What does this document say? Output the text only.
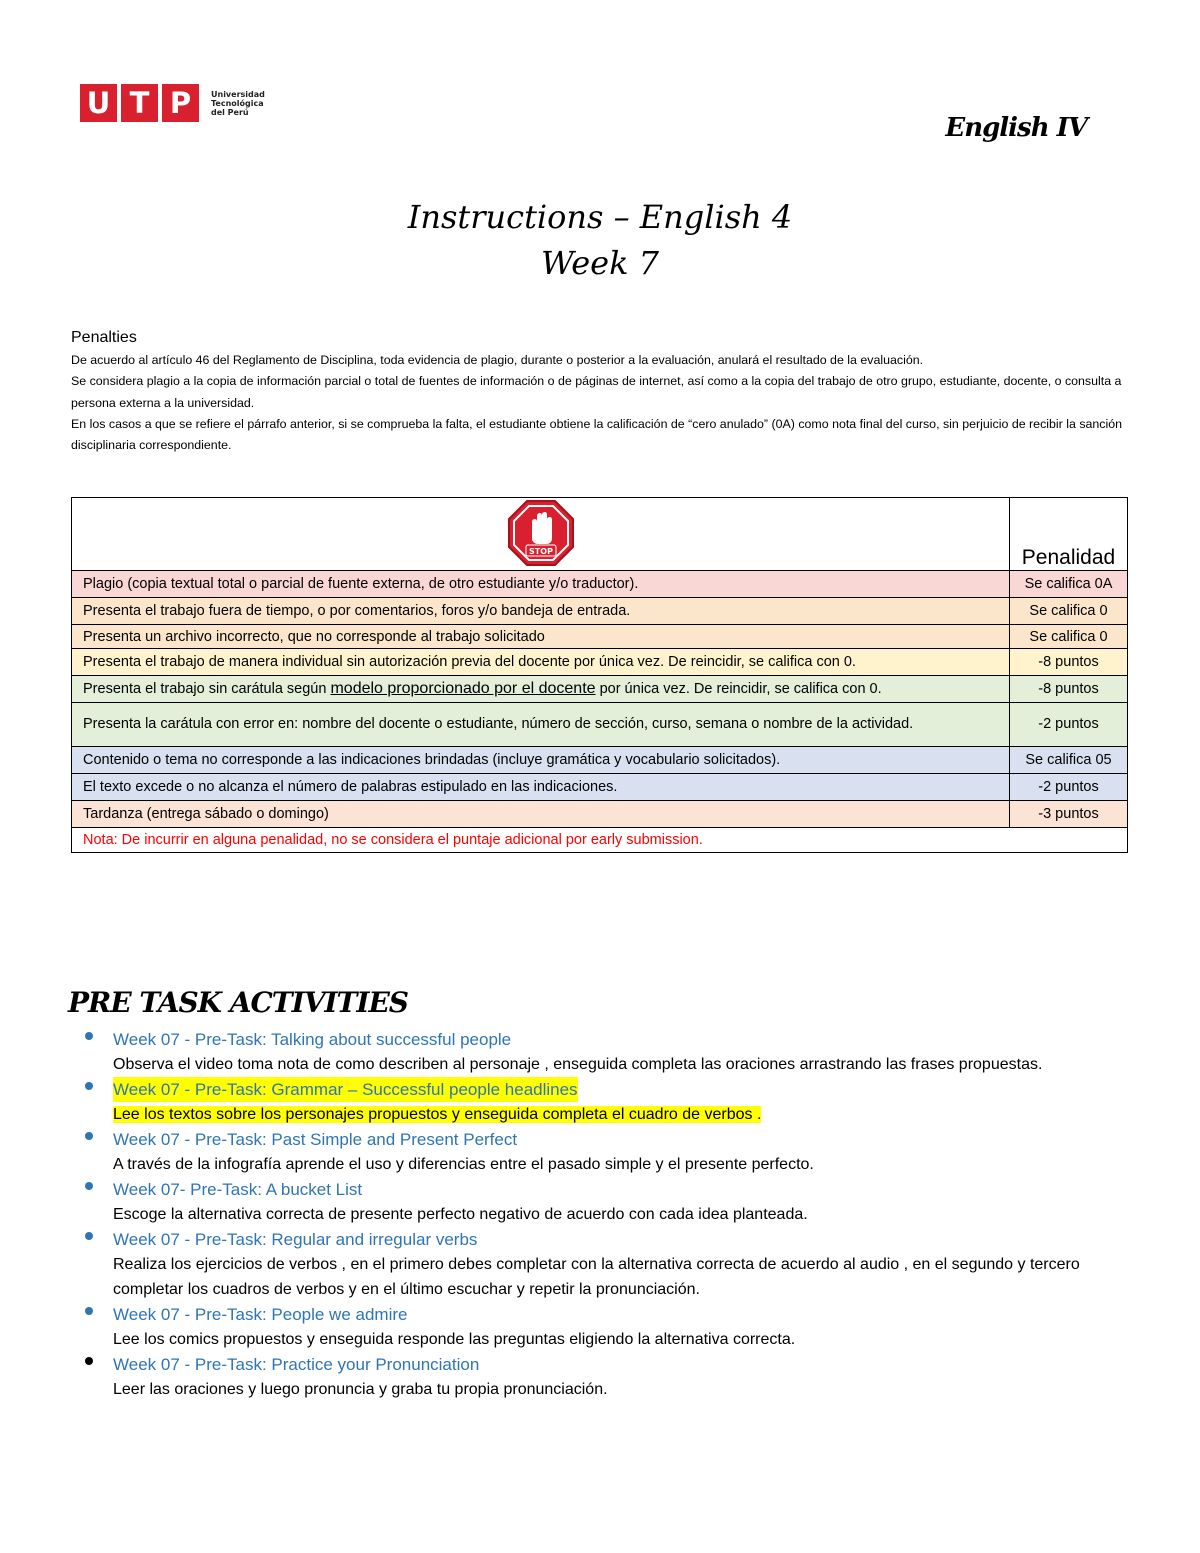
U T P	Universidad
Tecnológica
del Perú
English IV
Instructions – English 4
Week 7
Penalties

De acuerdo al artículo 46 del Reglamento de Disciplina, toda evidencia de plagio, durante o posterior a la evaluación, anulará el resultado de la evaluación.

Se considera plagio a la copia de información parcial o total de fuentes de información o de páginas de internet, así como a la copia del trabajo de otro grupo, estudiante, docente, o consulta a persona externa a la universidad.

En los casos a que se refiere el párrafo anterior, si se comprueba la falta, el estudiante obtiene la calificación de “cero anulado” (0A) como nota final del curso, sin perjuicio de recibir la sanción disciplinaria correspondiente.

STOP	Penalidad
Plagio (copia textual total o parcial de fuente externa, de otro estudiante y/o traductor).	Se califica 0A
Presenta el trabajo fuera de tiempo, o por comentarios, foros y/o bandeja de entrada.	Se califica 0
Presenta un archivo incorrecto, que no corresponde al trabajo solicitado	Se califica 0
Presenta el trabajo de manera individual sin autorización previa del docente por única vez. De reincidir, se califica con 0.	-8 puntos
Presenta el trabajo sin carátula según modelo proporcionado por el docente por única vez. De reincidir, se califica con 0.	-8 puntos
Presenta la carátula con error en: nombre del docente o estudiante, número de sección, curso, semana o nombre de la actividad.	-2 puntos
Contenido o tema no corresponde a las indicaciones brindadas (incluye gramática y vocabulario solicitados).	Se califica 05
El texto excede o no alcanza el número de palabras estipulado en las indicaciones.	-2 puntos
Tardanza (entrega sábado o domingo)	-3 puntos
Nota: De incurrir en alguna penalidad, no se considera el puntaje adicional por early submission.	
PRE TASK ACTIVITIES
Week 07 - Pre-Task: Talking about successful people
Observa el video toma nota de como describen al personaje , enseguida completa las oraciones arrastrando las frases propuestas.
Week 07 - Pre-Task: Grammar – Successful people headlines
Lee los textos sobre los personajes propuestos y enseguida completa el cuadro de verbos .
Week 07 - Pre-Task: Past Simple and Present Perfect
A través de la infografía aprende el uso y diferencias entre el pasado simple y el presente perfecto.
Week 07- Pre-Task: A bucket List
Escoge la alternativa correcta de presente perfecto negativo de acuerdo con cada idea planteada.
Week 07 - Pre-Task: Regular and irregular verbs
Realiza los ejercicios de verbos , en el primero debes completar con la alternativa correcta de acuerdo al audio , en el segundo y tercero completar los cuadros de verbos y en el último escuchar y repetir la pronunciación.
Week 07 - Pre-Task: People we admire
Lee los comics propuestos y enseguida responde las preguntas eligiendo la alternativa correcta.
Week 07 - Pre-Task: Practice your Pronunciation
Leer las oraciones y luego pronuncia y graba tu propia pronunciación.
